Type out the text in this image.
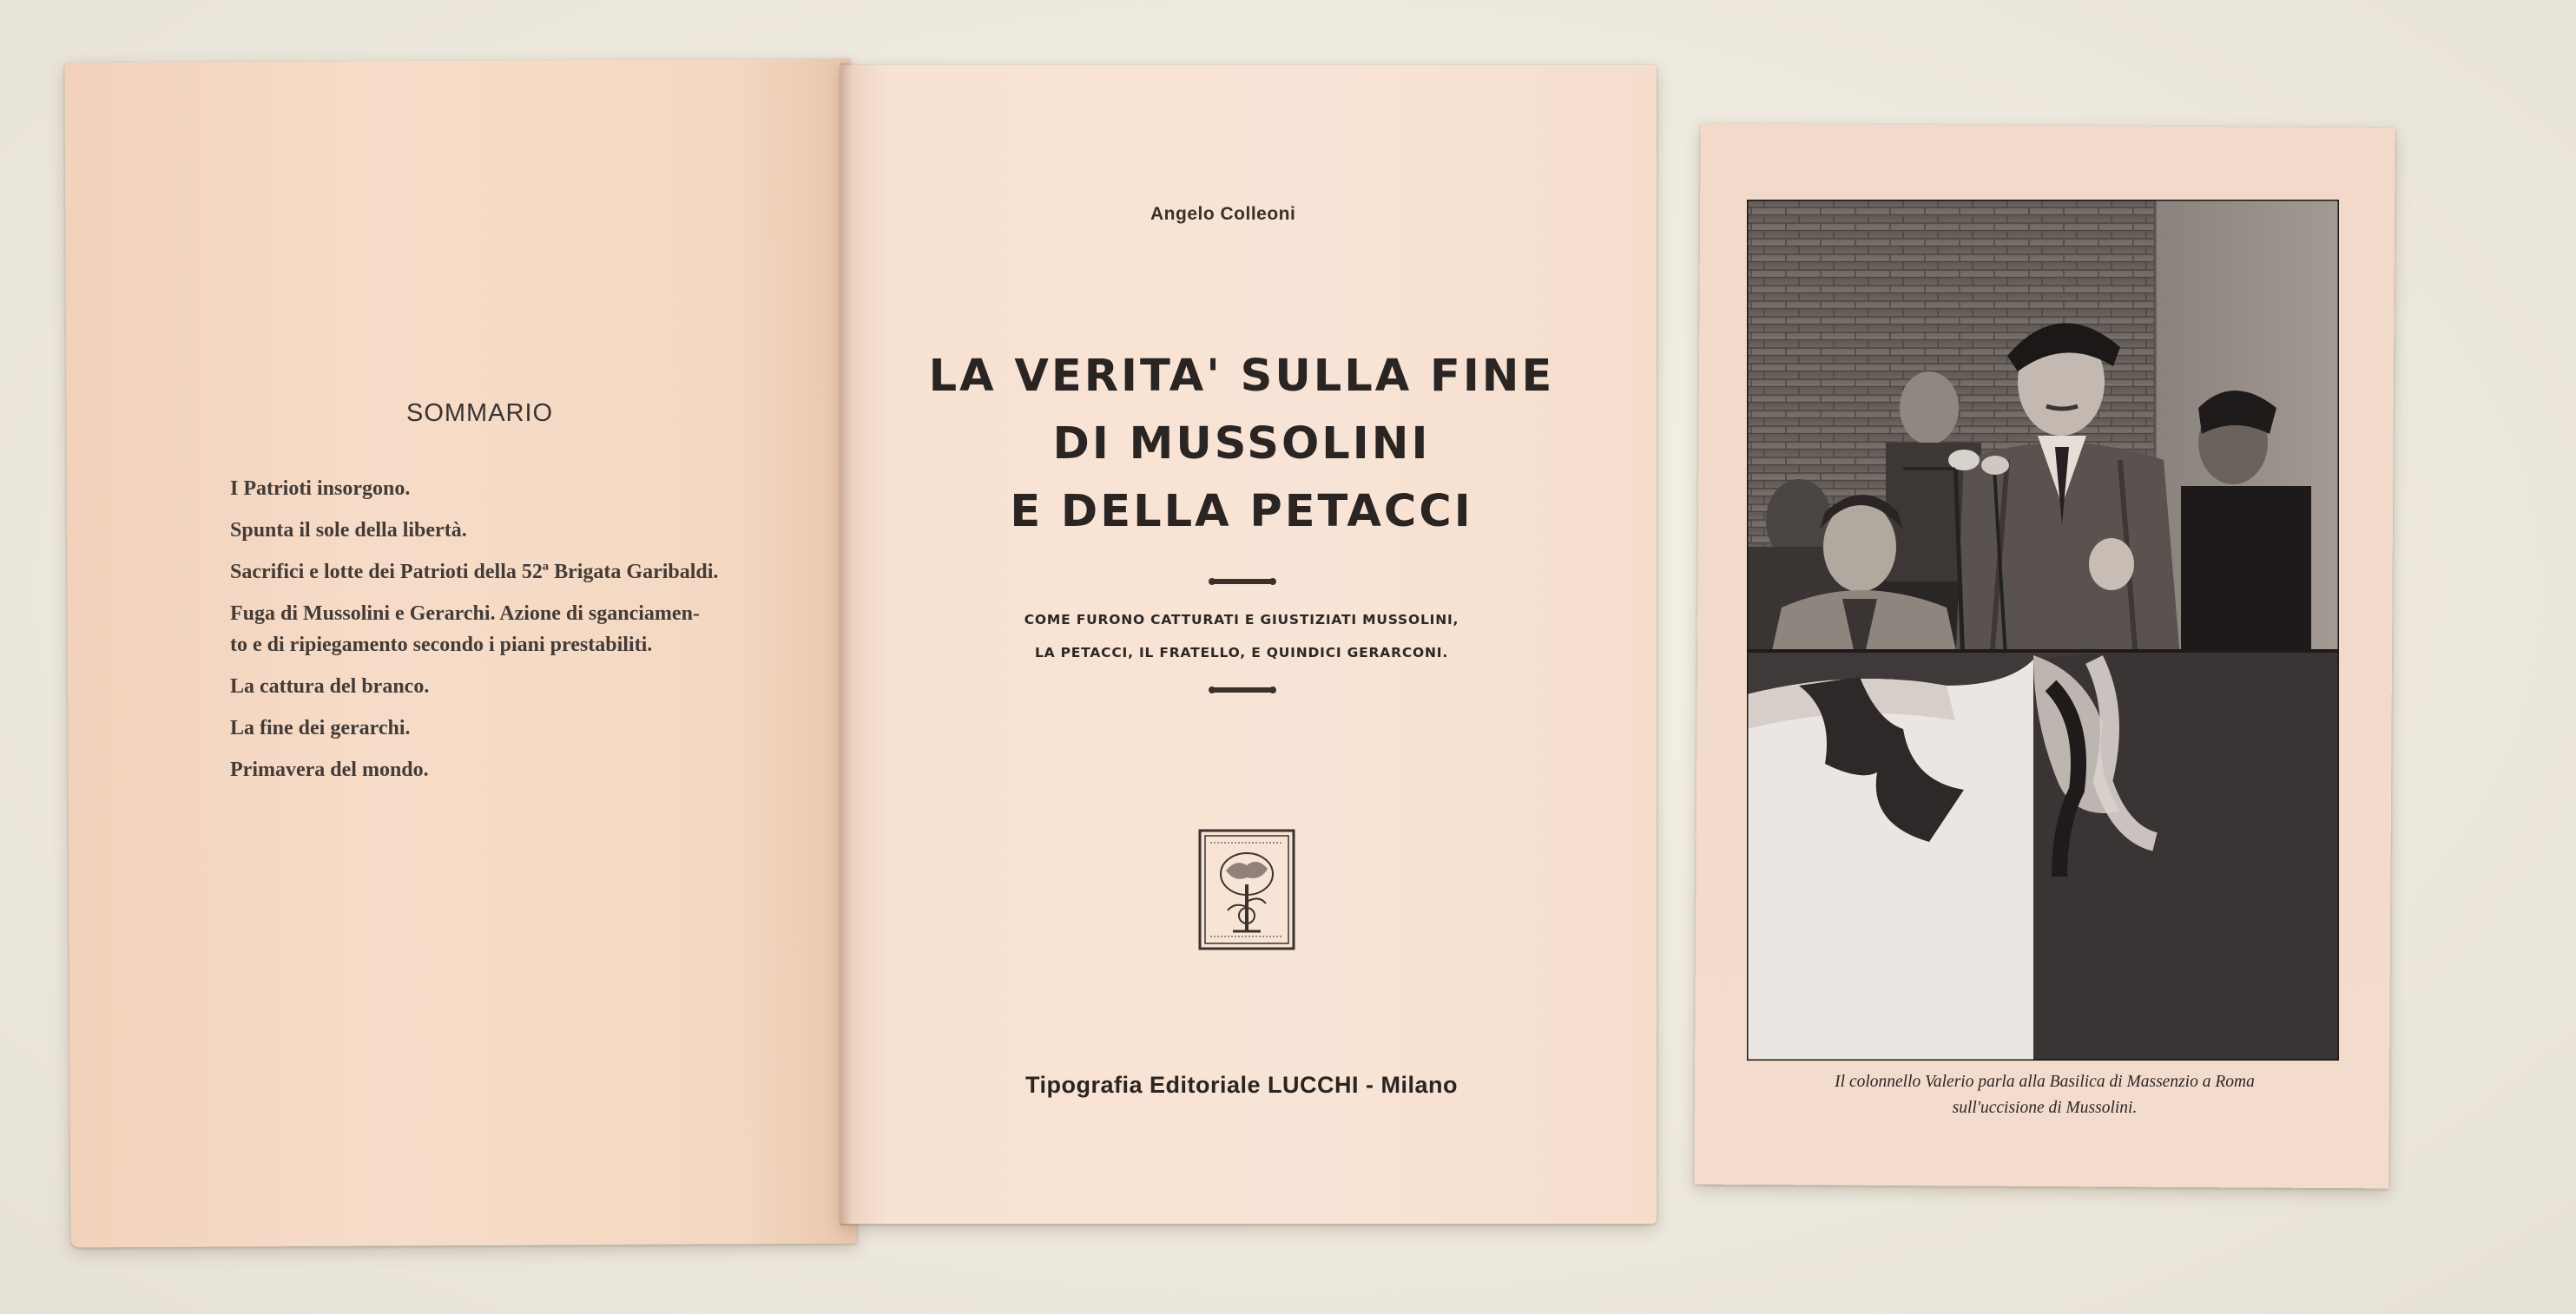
SOMMARIO
I Patrioti insorgono.
Spunta il sole della libertà.
Sacrifici e lotte dei Patrioti della 52ª Brigata Garibaldi.
Fuga di Mussolini e Gerarchi. Azione di sganciamen-
to e di ripiegamento secondo i piani prestabiliti.
La cattura del branco.
La fine dei gerarchi.
Primavera del mondo.
Angelo Colleoni
LA VERITA' SULLA FINE
DI MUSSOLINI
E DELLA PETACCI
COME FURONO CATTURATI E GIUSTIZIATI MUSSOLINI,
LA PETACCI, IL FRATELLO, E QUINDICI GERARCONI.
Tipografia Editoriale LUCCHI - Milano	Il colonnello Valerio parla alla Basilica di Massenzio a Roma
sull'uccisione di Mussolini.
